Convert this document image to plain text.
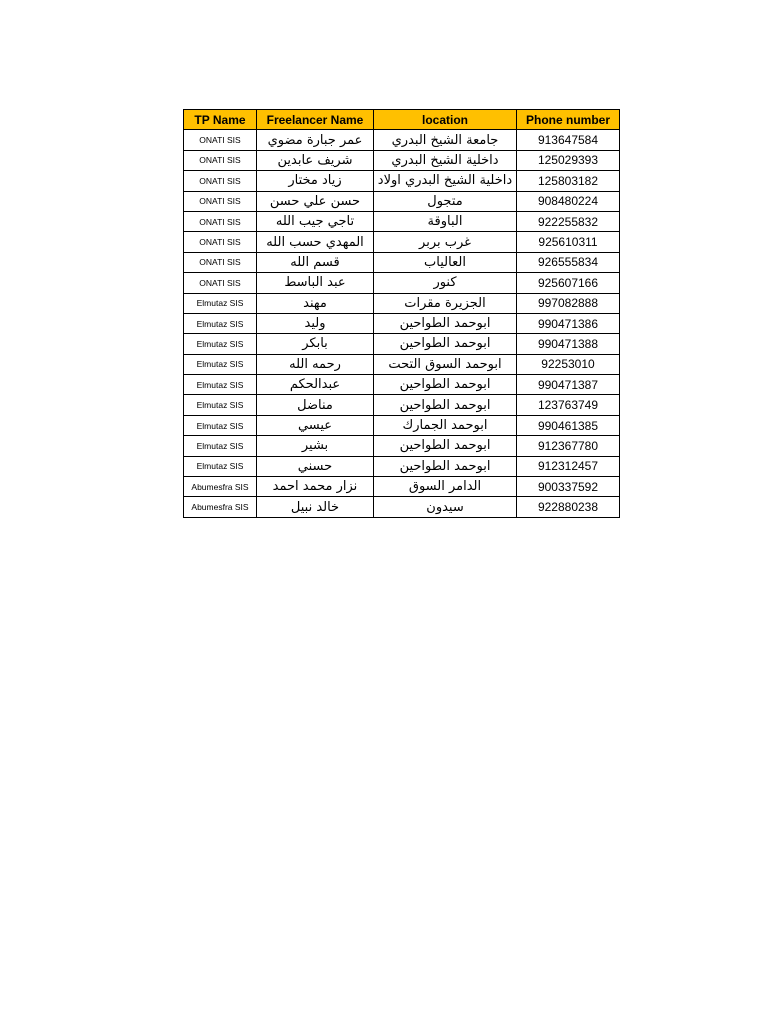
TP Name	Freelancer Name	location	Phone number
ONATI SIS	عمر جبارة مضوي	جامعة الشيخ البدري	913647584
ONATI SIS	شريف عابدين	داخلية الشيخ البدري	125029393
ONATI SIS	زياد مختار	داخلية الشيخ البدري اولاد	125803182
ONATI SIS	حسن علي حسن	متجول	908480224
ONATI SIS	تاجي جيب الله	الباوقة	922255832
ONATI SIS	المهدي حسب الله	غرب بربر	925610311
ONATI SIS	قسم الله	العالياب	926555834
ONATI SIS	عبد الباسط	كنور	925607166
Elmutaz SIS	مهند	الجزيرة مقرات	997082888
Elmutaz SIS	وليد	ابوحمد الطواحين	990471386
Elmutaz SIS	بابكر	ابوحمد الطواحين	990471388
Elmutaz SIS	رحمه الله	ابوحمد السوق التحت	92253010
Elmutaz SIS	عبدالحكم	ابوحمد الطواحين	990471387
Elmutaz SIS	مناضل	ابوحمد الطواحين	123763749
Elmutaz SIS	عيسي	ابوحمد الجمارك	990461385
Elmutaz SIS	بشير	ابوحمد الطواحين	912367780
Elmutaz SIS	حسني	ابوحمد الطواحين	912312457
Abumesfra SIS	نزار محمد احمد	الدامر السوق	900337592
Abumesfra SIS	خالد نبيل	سيدون	922880238
